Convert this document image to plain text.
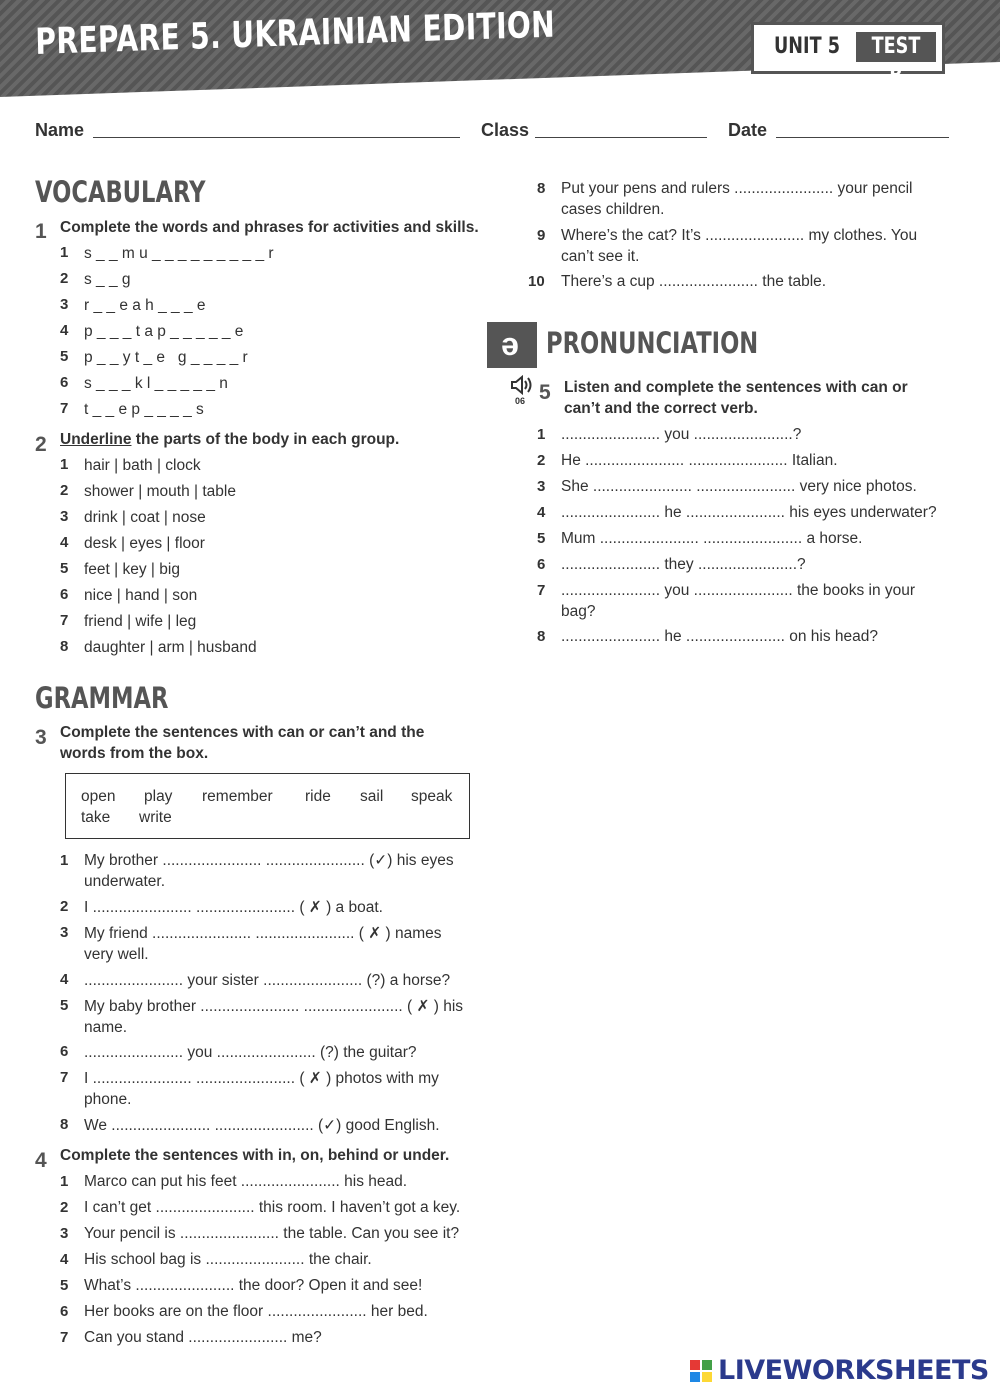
PREPARE 5. UKRAINIAN EDITION	UNIT 5	TEST B
Name	Class	Date
VOCABULARY
1 Complete the words and phrases for activities and skills.
1 s _ _ m u _ _ _ _ _ _ _ _ _ r
2 s _ _ g
3 r _ _ e a h _ _ _ e
4 p _ _ _ t a p _ _ _ _ _ e
5 p _ _ y t _ e   g _ _ _ _ r
6 s _ _ _ k l _ _ _ _ _ n
7 t _ _ e p _ _ _ _ s
2 Underline the parts of the body in each group.
1 hair | bath | clock
2 shower | mouth | table
3 drink | coat | nose
4 desk | eyes | floor
5 feet | key | big
6 nice | hand | son
7 friend | wife | leg
8 daughter | arm | husband
GRAMMAR
3 Complete the sentences with can or can’t and the words from the box.
open play remember ride sail speak
take write
1 My brother ....................... ....................... (✓) his eyes underwater.
2 I ....................... ....................... ( ✗ ) a boat.
3 My friend ....................... ....................... ( ✗ ) names very well.
4 ....................... your sister ....................... (?) a horse?
5 My baby brother ....................... ....................... ( ✗ ) his name.
6 ....................... you ....................... (?) the guitar?
7 I ....................... ....................... ( ✗ ) photos with my phone.
8 We ....................... ....................... (✓) good English.
4 Complete the sentences with in, on, behind or under.
1 Marco can put his feet ....................... his head.
2 I can’t get ....................... this room. I haven’t got a key.
3 Your pencil is ....................... the table. Can you see it?
4 His school bag is ....................... the chair.
5 What’s ....................... the door? Open it and see!
6 Her books are on the floor ....................... her bed.
7 Can you stand ....................... me?
8 Put your pens and rulers ....................... your pencil cases children.
9 Where’s the cat? It’s ....................... my clothes. You can’t see it.
10 There’s a cup ....................... the table.
ə PRONUNCIATION
06 5 Listen and complete the sentences with can or can’t and the correct verb.
1 ....................... you .......................?
2 He ....................... ....................... Italian.
3 She ....................... ....................... very nice photos.
4 ....................... he ....................... his eyes underwater?
5 Mum ....................... ....................... a horse.
6 ....................... they .......................?
7 ....................... you ....................... the books in your bag?
8 ....................... he ....................... on his head?
LIVEWORKSHEETS
